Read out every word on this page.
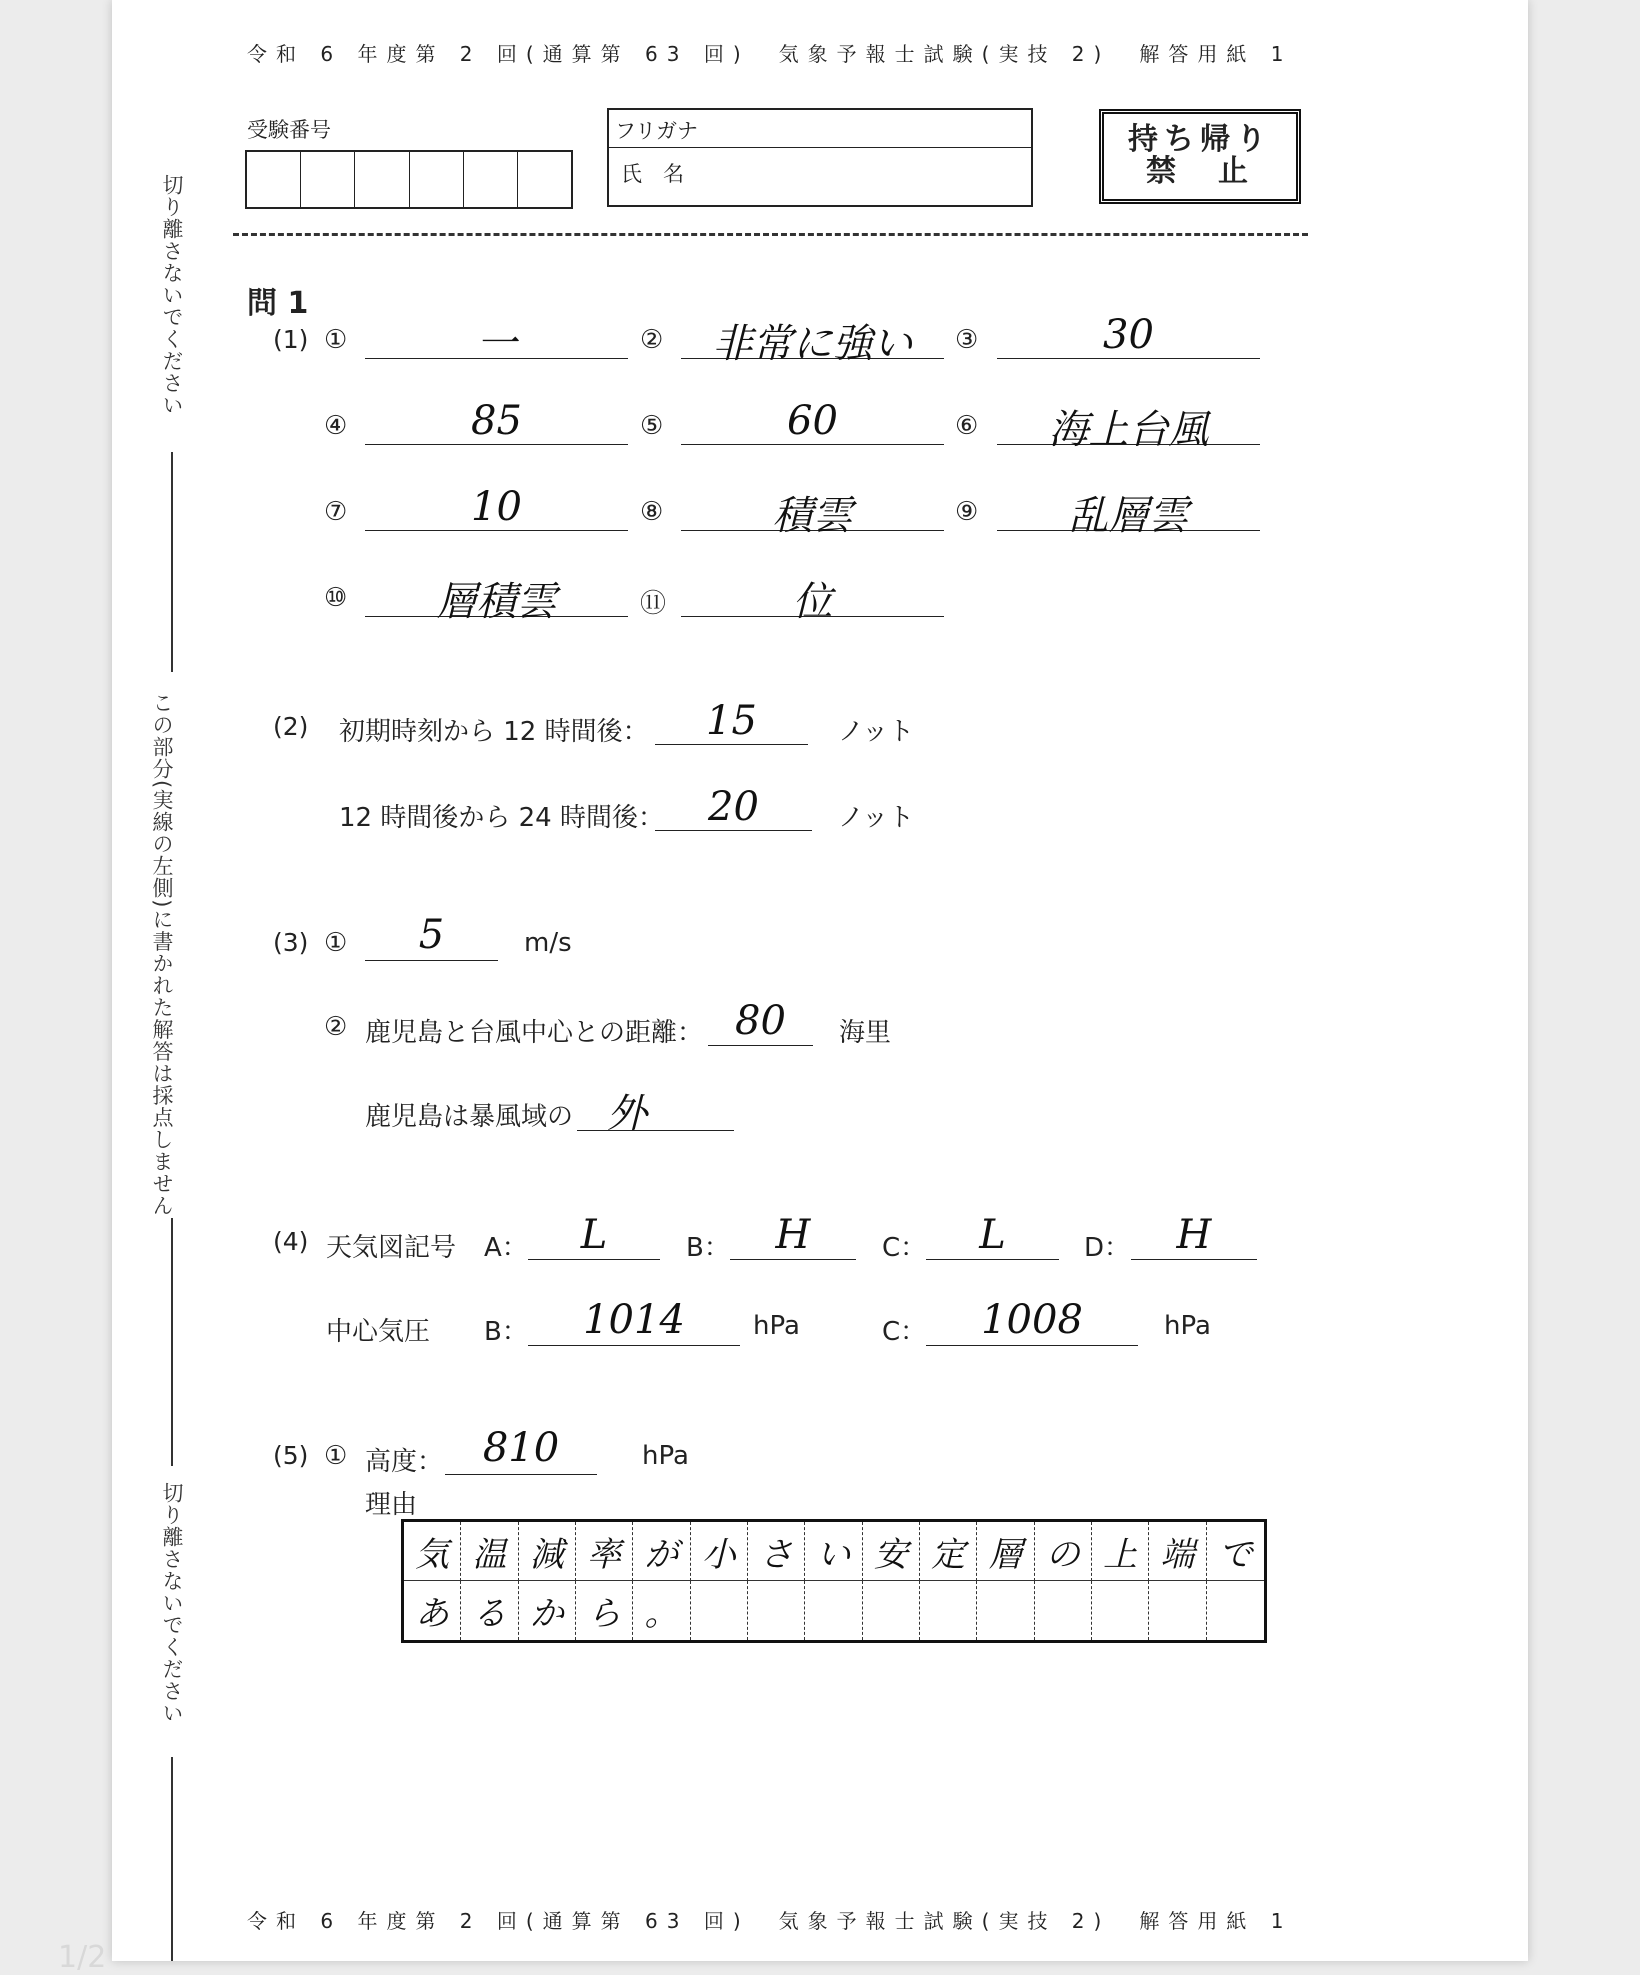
令和 6 年度第 2 回(通算第 63 回)　気象予報士試験(実技 2)　解答用紙 1
切り離さないでください
この部分(実線の左側)に書かれた解答は採点しません
切り離さないでください
受験番号	フリガナ
氏　名
持ち帰り
禁　止
問 1
(1) ①	一	②	非常に強い	③	30
④	85	⑤	60	⑥	海上台風
⑦	10	⑧	積雲	⑨	乱層雲
⑩	層積雲	⑪	位
(2) 初期時刻から 12 時間後：	15	ノット
12 時間後から 24 時間後：	20	ノット
(3) ①	5	m/s
② 鹿児島と台風中心との距離： 80	海里
鹿児島は暴風域の 外
(4) 天気図記号 A：	L	B：	H	C：	L	D：	H
中心気圧 B：	1014	hPa	C：	1008	hPa
(5) ① 高度： 810	hPa
理由
気 温 減 率 が 小 さ い 安 定 層 の 上 端 で
あ る か ら 。
令和 6 年度第 2 回(通算第 63 回)　気象予報士試験(実技 2)　解答用紙 1
1/2
